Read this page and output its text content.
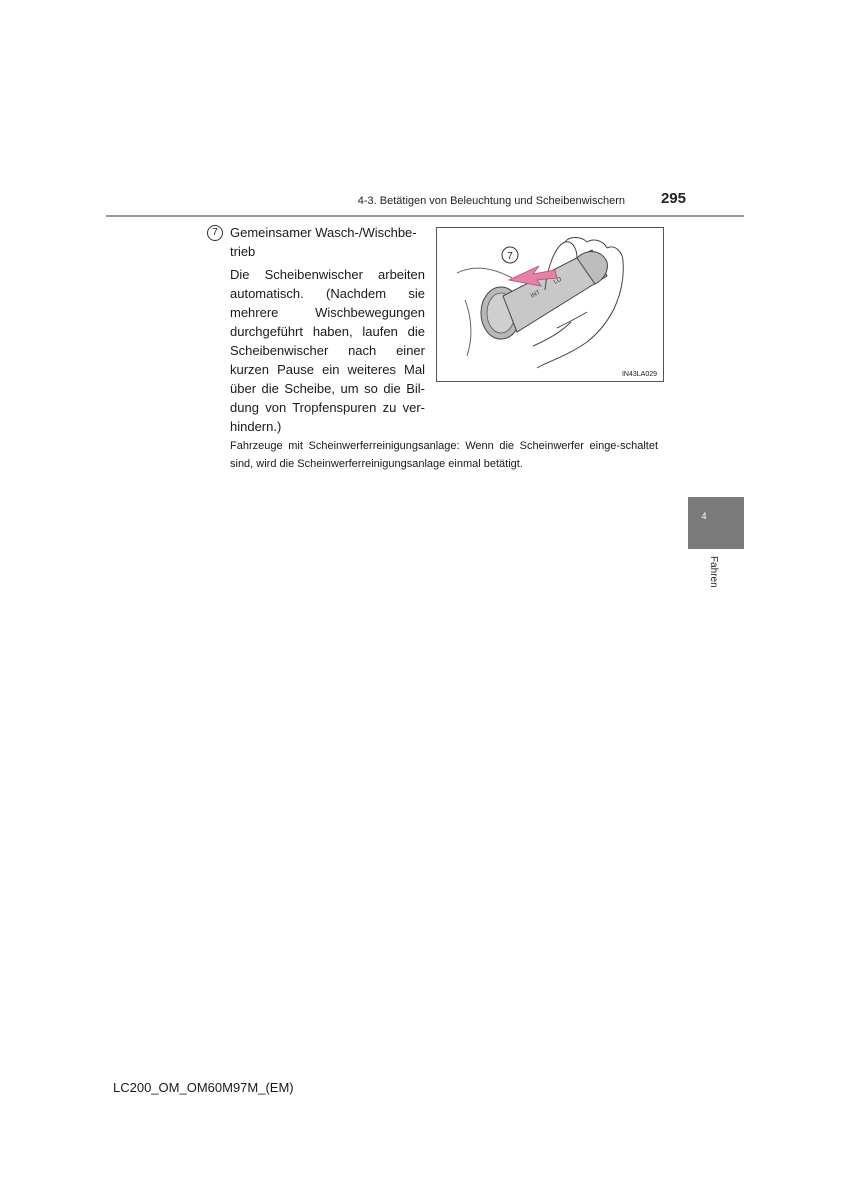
4-3. Betätigen von Beleuchtung und Scheibenwischern	295
7 Gemeinsamer Wasch-/Wischbe-trieb
Die Scheibenwischer arbeiten automatisch. (Nachdem sie mehrere Wischbewegungen durchgeführt haben, laufen die Scheibenwischer nach einer kurzen Pause ein weiteres Mal über die Scheibe, um so die Bil-dung von Tropfenspuren zu ver-hindern.)
INT
LO
7
IN43LA029
Fahrzeuge mit Scheinwerferreinigungsanlage: Wenn die Scheinwerfer einge-schaltet sind, wird die Scheinwerferreinigungsanlage einmal betätigt.
4
Fahren
LC200_OM_OM60M97M_(EM)
